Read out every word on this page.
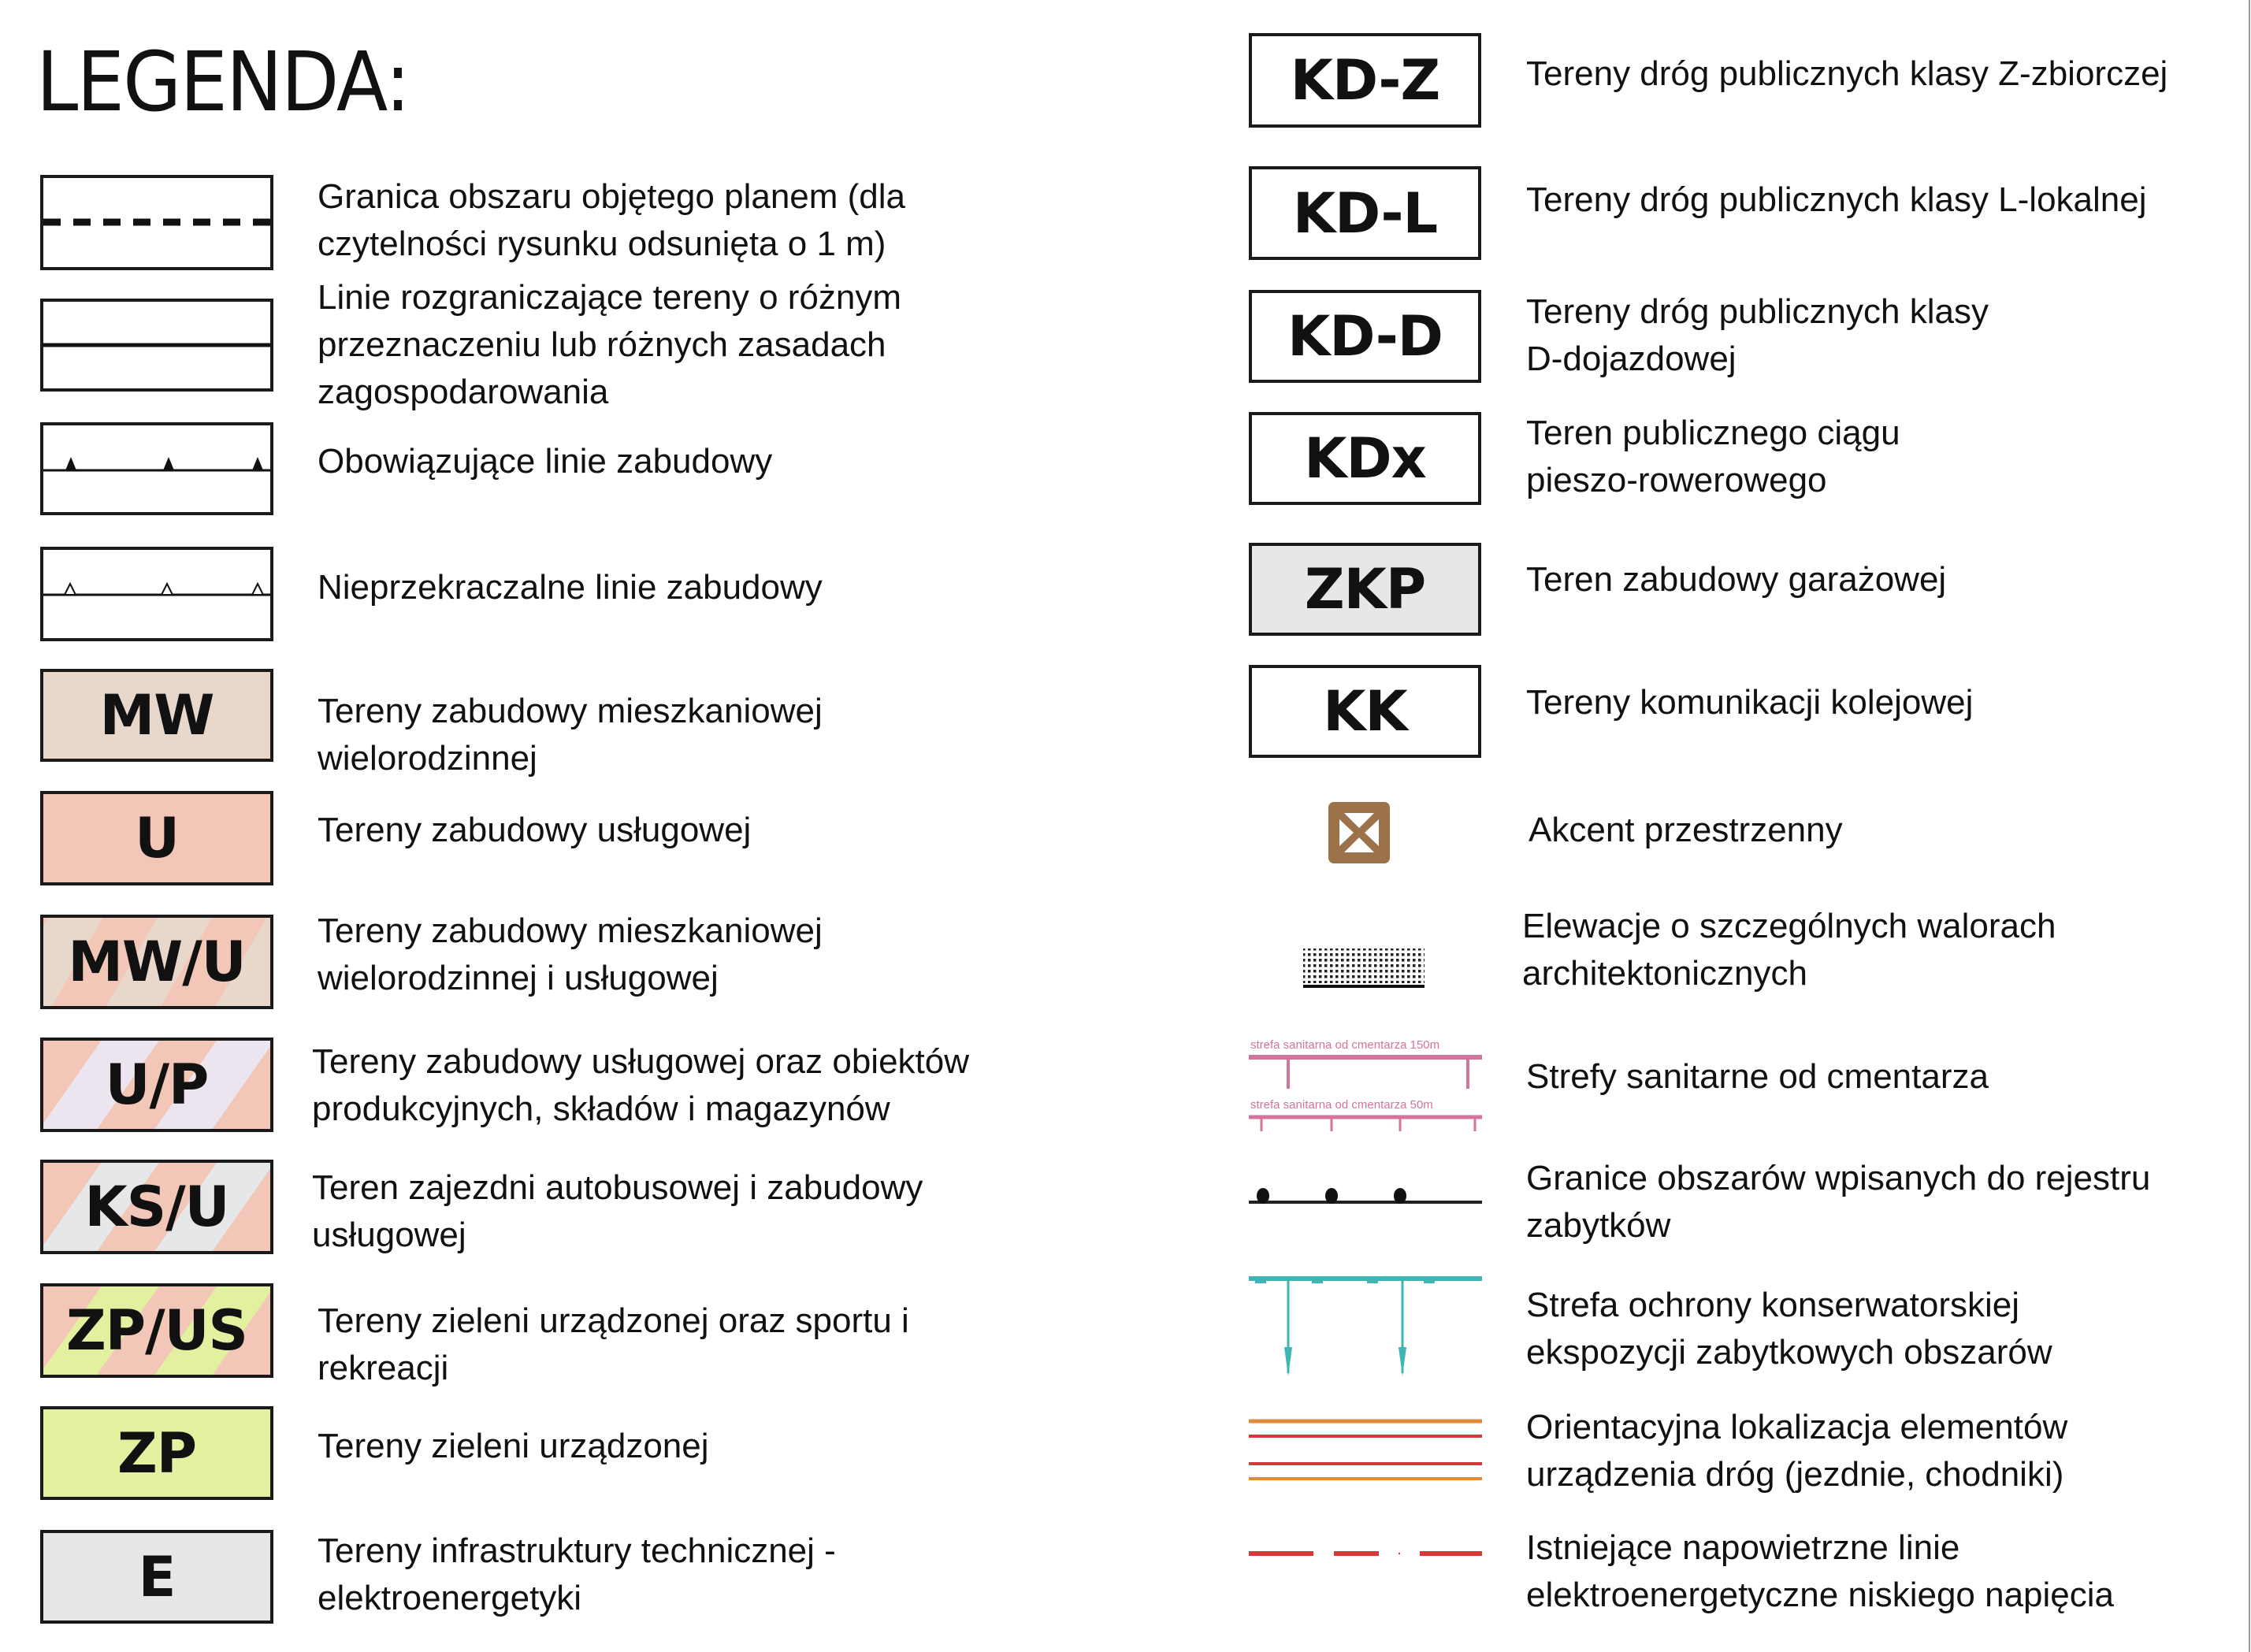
LEGENDA:
Granica obszaru objętego planem (dla
czytelności rysunku odsunięta o 1 m)
Linie rozgraniczające tereny o różnym
przeznaczeniu lub różnych zasadach
zagospodarowania
Obowiązujące linie zabudowy
Nieprzekraczalne linie zabudowy
MW	Tereny zabudowy mieszkaniowej
wielorodzinnej
U	Tereny zabudowy usługowej
MW/U	Tereny zabudowy mieszkaniowej
wielorodzinnej i usługowej
U/P	Tereny zabudowy usługowej oraz obiektów
produkcyjnych, składów i magazynów
KS/U	Teren zajezdni autobusowej i zabudowy
usługowej
ZP/US	Tereny zieleni urządzonej oraz sportu i
rekreacji
ZP	Tereny zieleni urządzonej
E	Tereny infrastruktury technicznej -
elektroenergetyki
KD-Z	Tereny dróg publicznych klasy Z-zbiorczej
KD-L	Tereny dróg publicznych klasy L-lokalnej
KD-D	Tereny dróg publicznych klasy
D-dojazdowej
KDx	Teren publicznego ciągu
pieszo-rowerowego
ZKP	Teren zabudowy garażowej
KK	Tereny komunikacji kolejowej
Akcent przestrzenny
Elewacje o szczególnych walorach
architektonicznych
strefa sanitarna od cmentarza 150m
strefa sanitarna od cmentarza 50m
Strefy sanitarne od cmentarza
Granice obszarów wpisanych do rejestru
zabytków
Strefa ochrony konserwatorskiej
ekspozycji zabytkowych obszarów
Orientacyjna lokalizacja elementów
urządzenia dróg (jezdnie, chodniki)
Istniejące napowietrzne linie
elektroenergetyczne niskiego napięcia
